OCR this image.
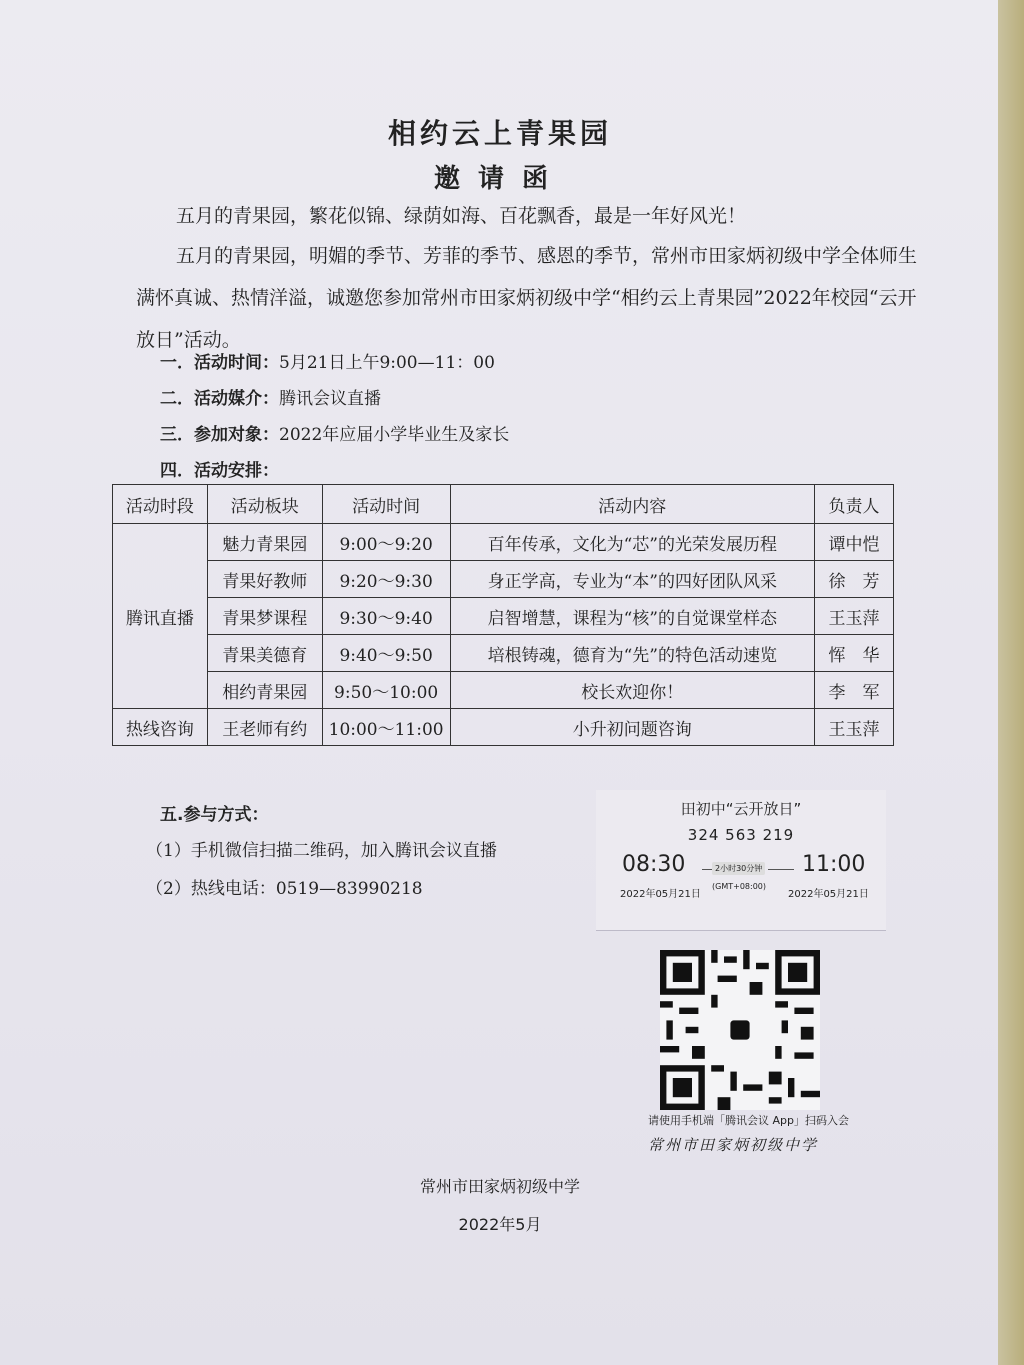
相约云上青果园
邀请函
五月的青果园，繁花似锦、绿荫如海、百花飘香，最是一年好风光！
五月的青果园，明媚的季节、芳菲的季节、感恩的季节，常州市田家炳初级中学全体师生满怀真诚、热情洋溢，诚邀您参加常州市田家炳初级中学“相约云上青果园”2022年校园“云开放日”活动。
一．活动时间：5月21日上午9:00—11：00
二．活动媒介：腾讯会议直播
三．参加对象：2022年应届小学毕业生及家长
四．活动安排：
活动时段	活动板块	活动时间	活动内容	负责人
腾讯直播	魅力青果园	9:00～9:20	百年传承，文化为“芯”的光荣发展历程	谭中恺
	青果好教师	9:20～9:30	身正学高，专业为“本”的四好团队风采	徐　芳
	青果梦课程	9:30～9:40	启智增慧，课程为“核”的自觉课堂样态	王玉萍
	青果美德育	9:40～9:50	培根铸魂，德育为“先”的特色活动速览	恽　华
	相约青果园	9:50～10:00	校长欢迎你！	李　军
热线咨询	王老师有约	10:00～11:00	小升初问题咨询	王玉萍
五.参与方式：
（1）手机微信扫描二维码，加入腾讯会议直播
（2）热线电话：0519—83990218
田初中“云开放日”
324 563 219
08:30	2小时30分钟 11:00
(GMT+08:00)
2022年05月21日	2022年05月21日
请使用手机端「腾讯会议 App」扫码入会
常州市田家炳初级中学
常州市田家炳初级中学
2022年5月
